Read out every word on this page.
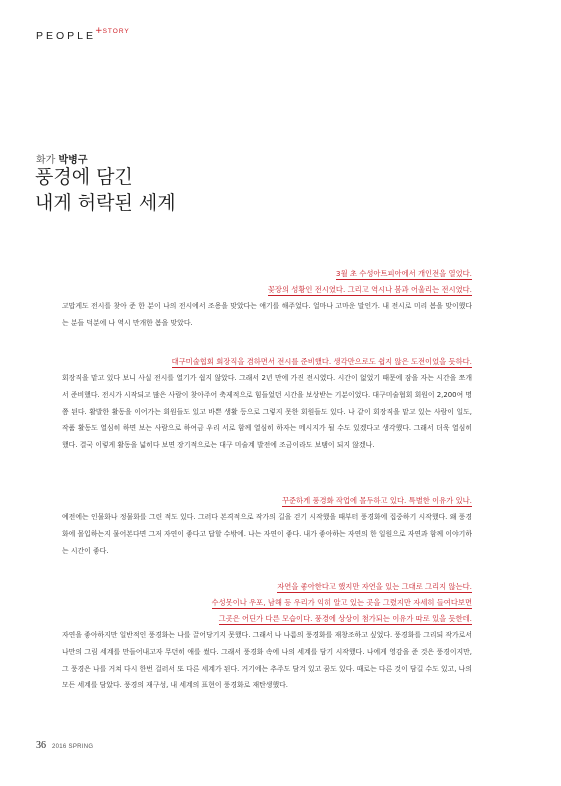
PEOPLE + STORY
화가 박병구
풍경에 담긴
내게 허락된 세계
3월 초 수성아트피아에서 개인전을 열었다.
꽃장의 성황인 전시였다. 그리고 역시나 봄과 어울리는 전시였다.

고맙게도 전시를 찾아 준 한 분이 나의 전시에서 조용을 맞았다는 얘기를 해주었다. 얼마나 고마운 말인가. 내 전시로 미리 봄을 맞이했다는 분들 덕분에 나 역시 만개한 봄을 맞았다.

대구미술협회 회장직을 겸하면서 전시를 준비했다. 생각만으로도 쉽지 않은 도전이었을 듯하다.

회장직을 맡고 있다 보니 사실 전시를 열기가 쉽지 않았다. 그래서 2년 만에 가진 전시였다. 시간이 없었기 때문에 잠을 자는 시간을 쪼개서 준비했다. 전시가 시작되고 많은 사람이 찾아주어 축제적으로 힘들었던 시간을 보상받는 기분이었다. 대구미술협회 회원이 2,200여 명쯤 된다. 활발한 활동을 이어가는 회원들도 있고 바쁜 생활 등으로 그렇지 못한 회원들도 있다. 나 같이 회장직을 맡고 있는 사람이 일도, 작품 활동도 열심히 하면 보는 사람으로 하여금 우리 서로 함께 열심히 하자는 메시지가 될 수도 있겠다고 생각했다. 그래서 더욱 열심히 했다. 결국 이렇게 활동을 넓히다 보면 장기적으로는 대구 미술계 발전에 조금이라도 보탬이 되지 않겠나.

꾸준하게 풍경화 작업에 몰두하고 있다. 특별한 이유가 있나.

예전에는 인물화나 정물화를 그린 적도 있다. 그러다 본격적으로 작가의 길을 걷기 시작했을 때부터 풍경화에 집중하기 시작했다. 왜 풍경화에 몰입하는지 물어본다면 그저 자연이 좋다고 답할 수밖에. 나는 자연이 좋다. 내가 좋아하는 자연의 한 일원으로 자연과 함께 이야기하는 시간이 좋다.

자연을 좋아한다고 했지만 자연을 있는 그대로 그리지 않는다.
수성못이나 우포, 남해 등 우리가 익히 알고 있는 곳을 그렸지만 자세히 들여다보면
그곳은 어딘가 다른 모습이다. 풍경에 상상이 첨가되는 이유가 따로 있을 듯한데.

자연을 좋아하지만 일반적인 풍경화는 나를 끌어당기지 못했다. 그래서 나 나름의 풍경화를 재창조하고 싶었다. 풍경화를 그리되 작가로서 나만의 그림 세계를 만들어내고자 무던히 애를 썼다. 그래서 풍경화 속에 나의 세계를 담기 시작했다. 나에게 영감을 준 것은 풍경이지만, 그 풍경은 나를 거쳐 다시 한번 걸러서 또 다른 세계가 된다. 거기에는 추주도 담겨 있고 꿈도 있다. 때로는 다른 것이 담길 수도 있고, 나의 모든 세계를 담았다. 풍경의 재구성, 내 세계의 표현이 풍경화로 재탄생했다.

36 2016 SPRING
